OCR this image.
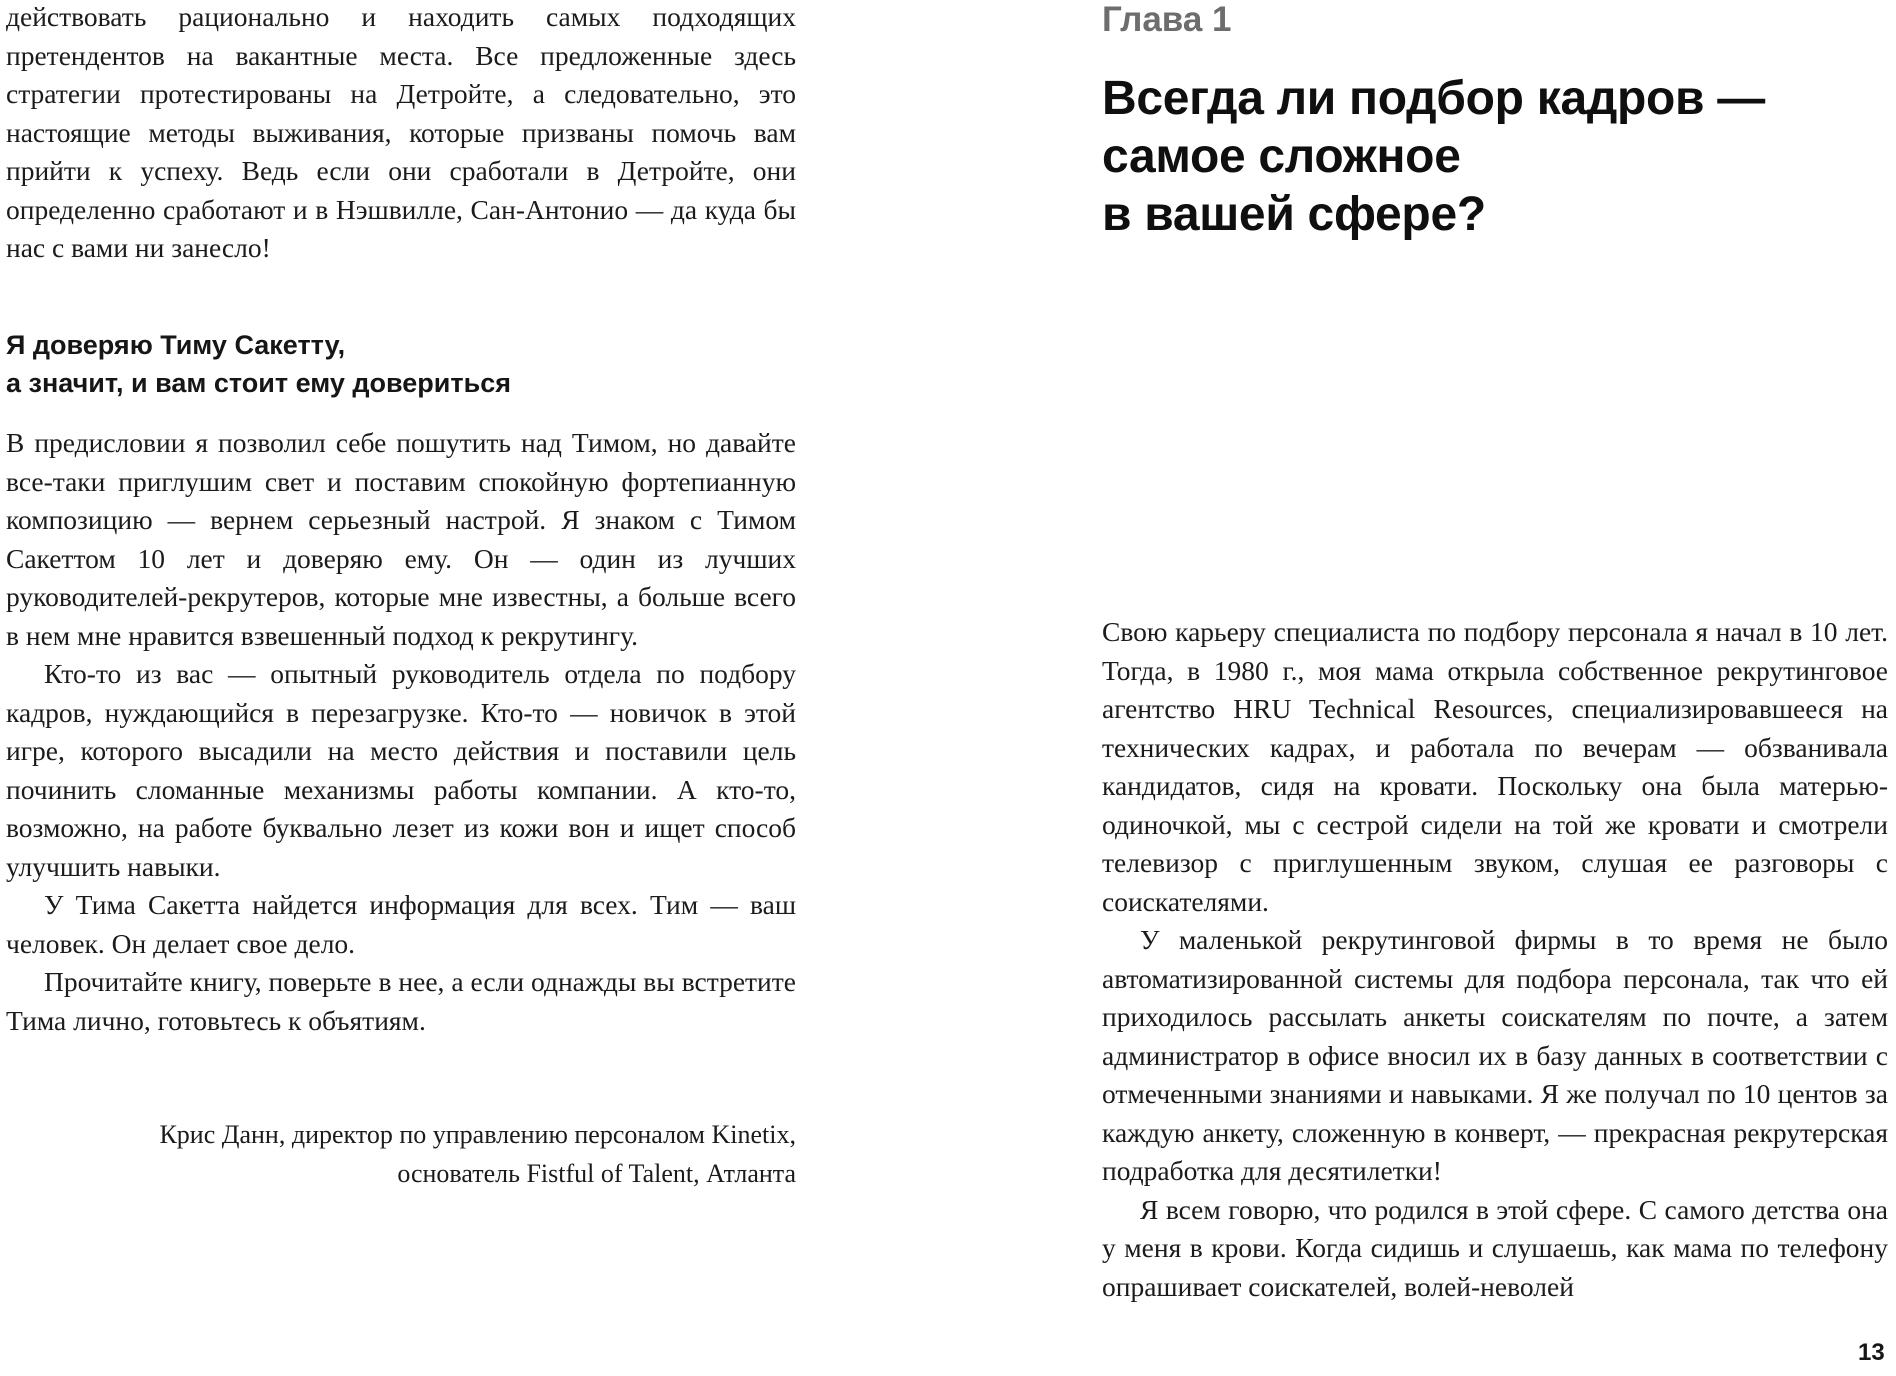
действовать рационально и находить самых подходящих претендентов на вакантные места. Все предложенные здесь стратегии протестированы на Детройте, а следовательно, это настоящие методы выживания, которые призваны помочь вам прийти к успеху. Ведь если они сработали в Детройте, они определенно сработают и в Нэшвилле, Сан-Антонио — да куда бы нас с вами ни занесло!

Я доверяю Тиму Сакетту,
а значит, и вам стоит ему довериться

В предисловии я позволил себе пошутить над Тимом, но давайте все-таки приглушим свет и поставим спокойную фортепианную композицию — вернем серьезный настрой. Я знаком с Тимом Сакеттом 10 лет и доверяю ему. Он — один из лучших руководителей-рекрутеров, которые мне известны, а больше всего в нем мне нравится взвешенный подход к рекрутингу.

Кто-то из вас — опытный руководитель отдела по подбору кадров, нуждающийся в перезагрузке. Кто-то — новичок в этой игре, которого высадили на место действия и поставили цель починить сломанные механизмы работы компании. А кто-то, возможно, на работе буквально лезет из кожи вон и ищет способ улучшить навыки.

У Тима Сакетта найдется информация для всех. Тим — ваш человек. Он делает свое дело.

Прочитайте книгу, поверьте в нее, а если однажды вы встретите Тима лично, готовьтесь к объятиям.

Крис Данн, директор по управлению персоналом Kinetix,
основатель Fistful of Talent, Атланта

Глава 1

Всегда ли подбор кадров —
самое сложное
в вашей сфере?

Свою карьеру специалиста по подбору персонала я начал в 10 лет. Тогда, в 1980 г., моя мама открыла собственное рекрутинговое агентство HRU Technical Resources, специализировавшееся на технических кадрах, и работала по вечерам — обзванивала кандидатов, сидя на кровати. Поскольку она была матерью-одиночкой, мы с сестрой сидели на той же кровати и смотрели телевизор с приглушенным звуком, слушая ее разговоры с соискателями.

У маленькой рекрутинговой фирмы в то время не было автоматизированной системы для подбора персонала, так что ей приходилось рассылать анкеты соискателям по почте, а затем администратор в офисе вносил их в базу данных в соответствии с отмеченными знаниями и навыками. Я же получал по 10 центов за каждую анкету, сложенную в конверт, — прекрасная рекрутерская подработка для десятилетки!

Я всем говорю, что родился в этой сфере. С самого детства она у меня в крови. Когда сидишь и слушаешь, как мама по телефону опрашивает соискателей, волей-неволей

13
